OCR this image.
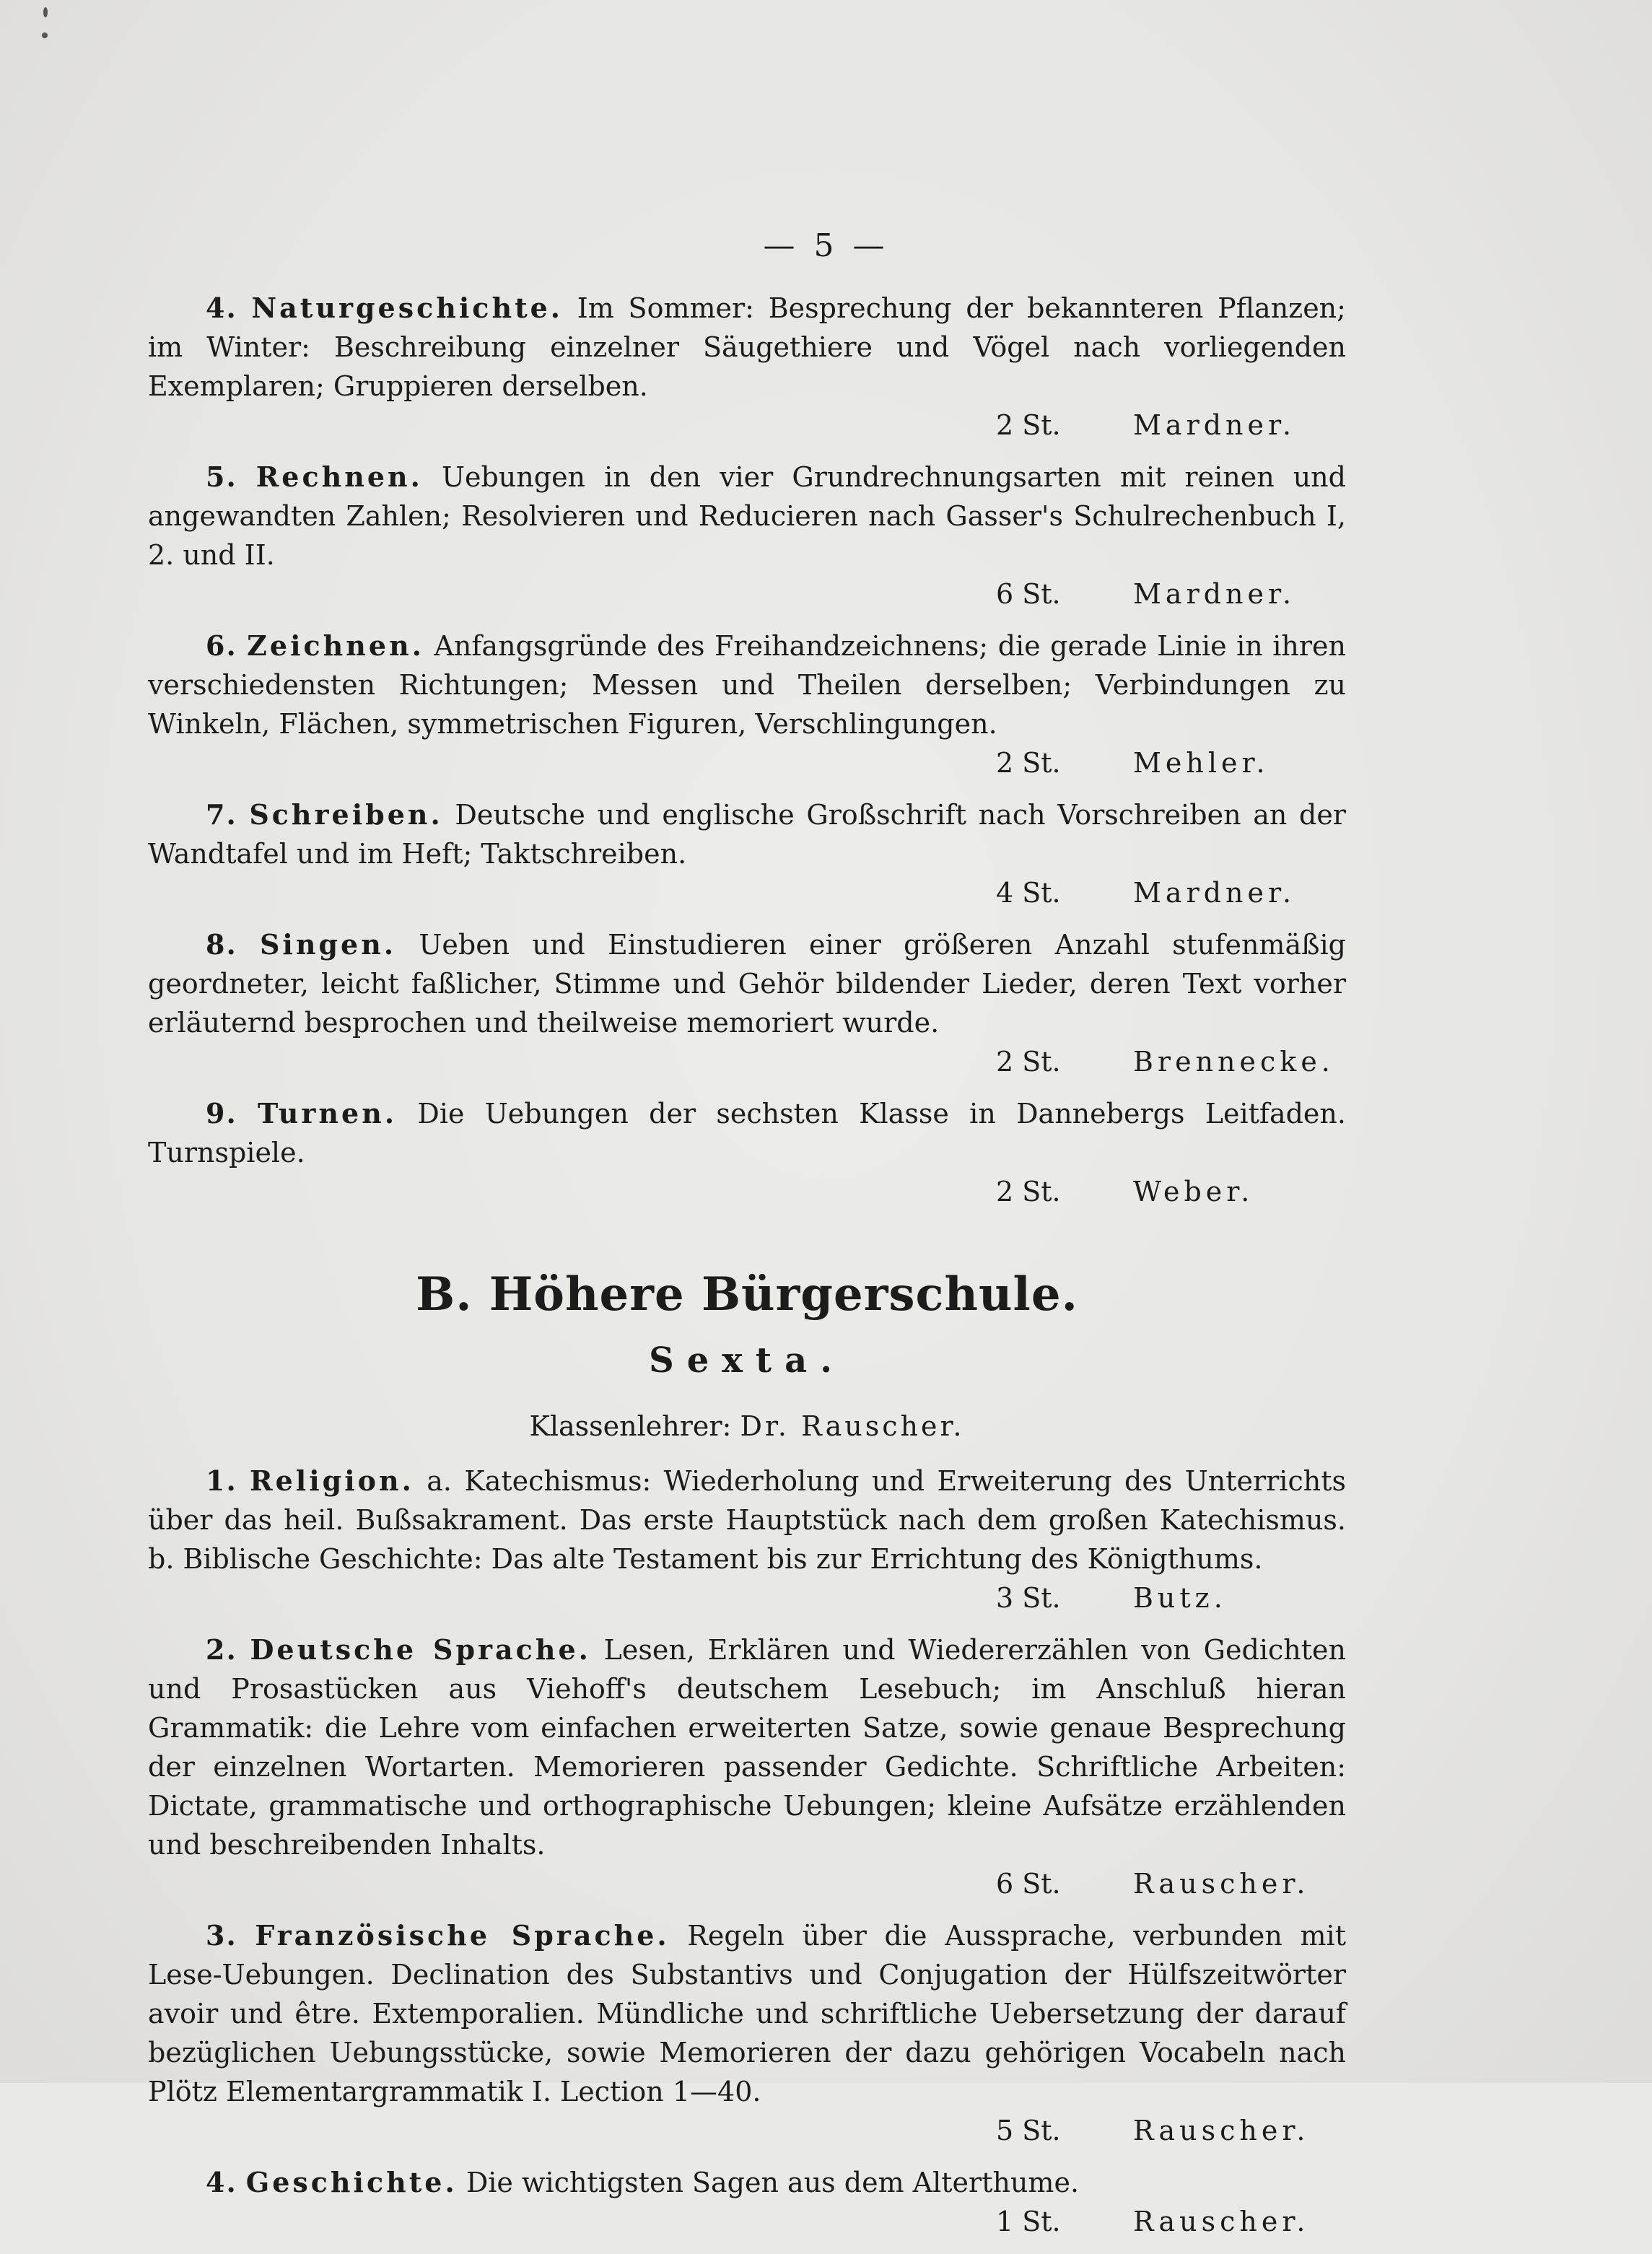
— 5 —

4. Naturgeschichte. Im Sommer: Besprechung der bekannteren Pflanzen; im Winter: Beschreibung einzelner Säugethiere und Vögel nach vorliegenden Exemplaren; Gruppieren derselben.

2 St.	Mardner.

5. Rechnen. Uebungen in den vier Grundrechnungsarten mit reinen und angewandten Zahlen; Resolvieren und Reducieren nach Gasser's Schulrechenbuch I, 2. und II.

6 St.	Mardner.

6. Zeichnen. Anfangsgründe des Freihandzeichnens; die gerade Linie in ihren verschiedensten Richtungen; Messen und Theilen derselben; Verbindungen zu Winkeln, Flächen, symmetrischen Figuren, Verschlingungen.

2 St.	Mehler.

7. Schreiben. Deutsche und englische Großschrift nach Vorschreiben an der Wandtafel und im Heft; Taktschreiben.

4 St.	Mardner.

8. Singen. Ueben und Einstudieren einer größeren Anzahl stufenmäßig geordneter, leicht faßlicher, Stimme und Gehör bildender Lieder, deren Text vorher erläuternd besprochen und theilweise memoriert wurde.

2 St.	Brennecke.

9. Turnen. Die Uebungen der sechsten Klasse in Dannebergs Leitfaden. Turnspiele.

2 St.	Weber.
B. Höhere Bürgerschule.
Sexta.
Klassenlehrer: Dr. Rauscher.

1. Religion. a. Katechismus: Wiederholung und Erweiterung des Unterrichts über das heil. Bußsakrament. Das erste Hauptstück nach dem großen Katechismus. b. Biblische Geschichte: Das alte Testament bis zur Errichtung des Königthums.

3 St.	Butz.

2. Deutsche Sprache. Lesen, Erklären und Wiedererzählen von Gedichten und Prosastücken aus Viehoff's deutschem Lesebuch; im Anschluß hieran Grammatik: die Lehre vom einfachen erweiterten Satze, sowie genaue Besprechung der einzelnen Wortarten. Memorieren passender Gedichte. Schriftliche Arbeiten: Dictate, grammatische und orthographische Uebungen; kleine Aufsätze erzählenden und beschreibenden Inhalts.

6 St.	Rauscher.

3. Französische Sprache. Regeln über die Aussprache, verbunden mit Lese-Uebungen. Declination des Substantivs und Conjugation der Hülfszeitwörter avoir und être. Extemporalien. Mündliche und schriftliche Uebersetzung der darauf bezüglichen Uebungsstücke, sowie Memorieren der dazu gehörigen Vocabeln nach Plötz Elementargrammatik I. Lection 1—40.

5 St.	Rauscher.

4. Geschichte. Die wichtigsten Sagen aus dem Alterthume.

1 St.	Rauscher.
